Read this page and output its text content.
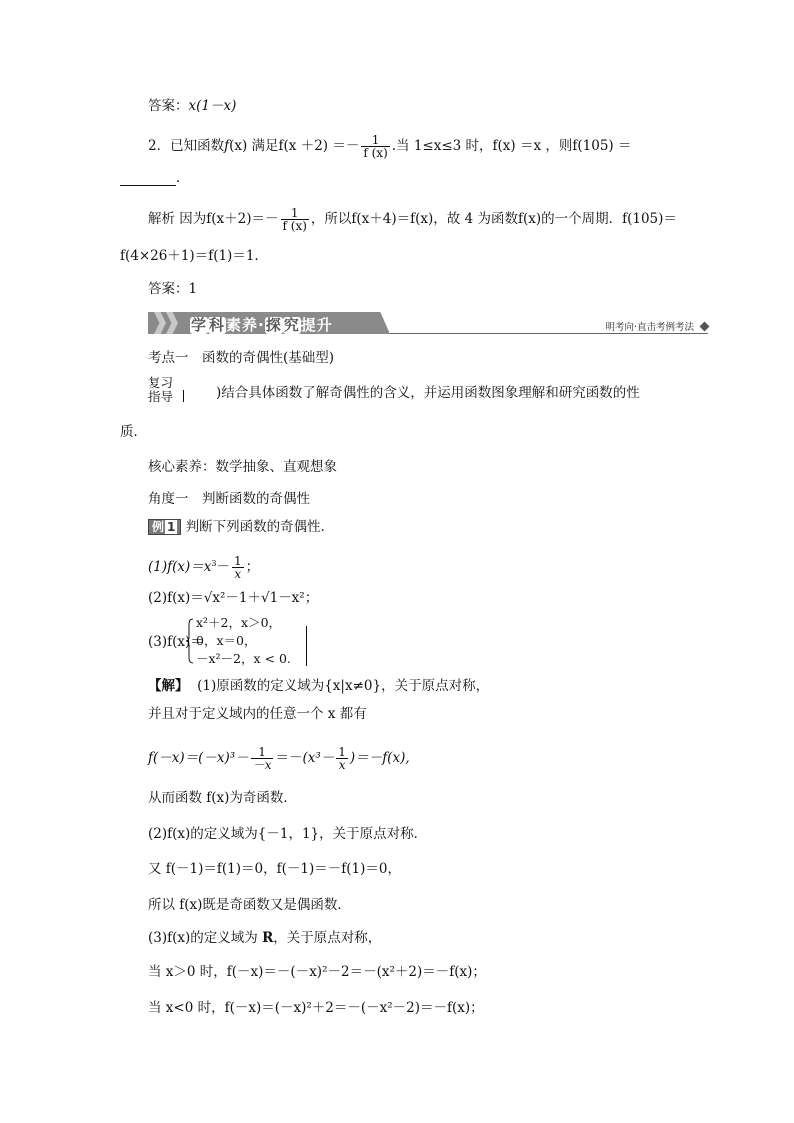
答案：x(1－x)
2．已知函数f(x) 满足$f(x +2) =- \frac{1}{f (x)}$ .当 1≤x≤3 时，f(x) ＝x ，则f(105) ＝
．
解析 因为$f(x+2)=- \frac{1}{f (x)}$ ，所以f(x＋4)＝f(x)，故 4 为函数f(x)的一个周期．f(105)＝
f(4×26＋1)＝f(1)＝1.
答案：1
学 科素养·探 究提升	明考向·直击考例考法
考点一　函数的奇偶性(基础型)
复习
指导	)结合具体函数了解奇偶性的含义，并运用函数图象理解和研究函数的性
质．
核心素养：数学抽象、直观想象
角度一　判断函数的奇偶性
例 1 判断下列函数的奇偶性．
$(1)f(x)=x^3- \frac{1}{x}$ ；
(2)f(x)＝√x²－1＋√1－x²；
(3)f(x)＝
x²＋2，x＞0，
0，x＝0，
－x²－2，x < 0.
【解】 (1)原函数的定义域为{x|x≠0}，关于原点对称，
并且对于定义域内的任意一个 x 都有
$f(-x)=(-x)^3- \frac{1}{-x} =-(x^3- \frac{1}{x} )=-f(x)$,
从而函数 f(x)为奇函数．
(2)f(x)的定义域为{－1，1}，关于原点对称．
又 f(－1)＝f(1)＝0，f(－1)＝－f(1)＝0，
所以 f(x)既是奇函数又是偶函数．
(3)f(x)的定义域为 R，关于原点对称，
当 x＞0 时，f(－x)＝－(－x)²－2＝－(x²＋2)＝－f(x)；
当 x<0 时，f(－x)＝(－x)²＋2＝－(－x²－2)＝－f(x)；
